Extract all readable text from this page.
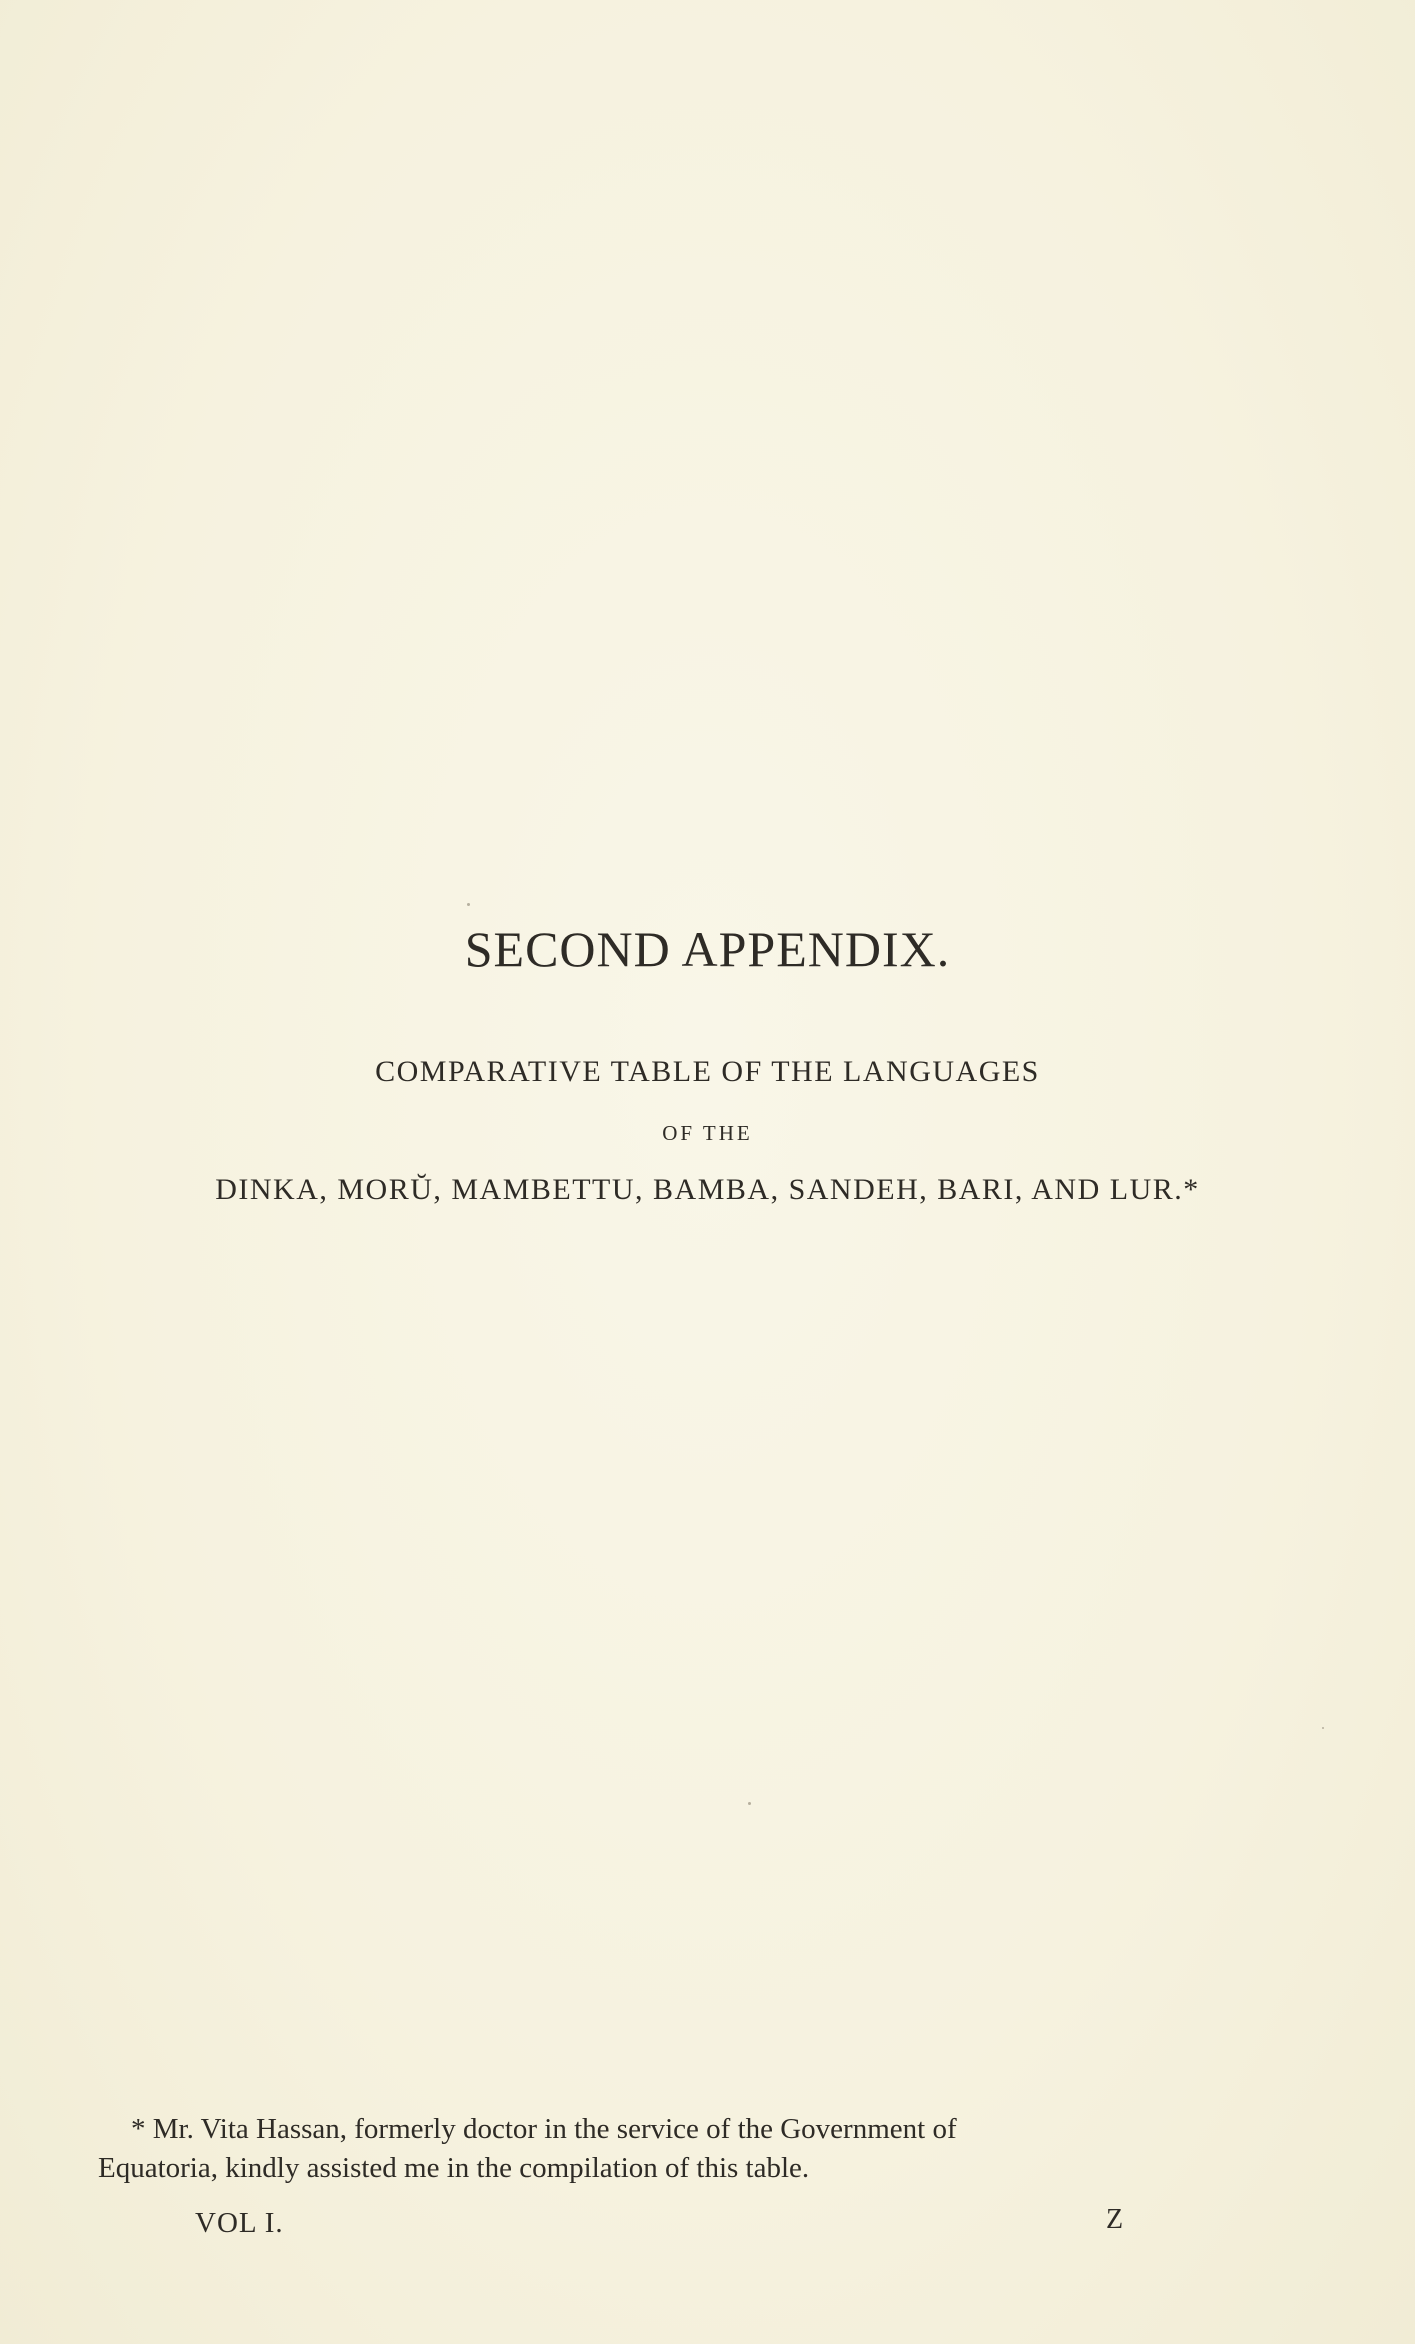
SECOND APPENDIX.

COMPARATIVE TABLE OF THE LANGUAGES

OF THE

DINKA, MORŬ, MAMBETTU, BAMBA, SANDEH, BARI, AND LUR.*

* Mr. Vita Hassan, formerly doctor in the service of the Government of
Equatoria, kindly assisted me in the compilation of this table.

VOL I.	Z
